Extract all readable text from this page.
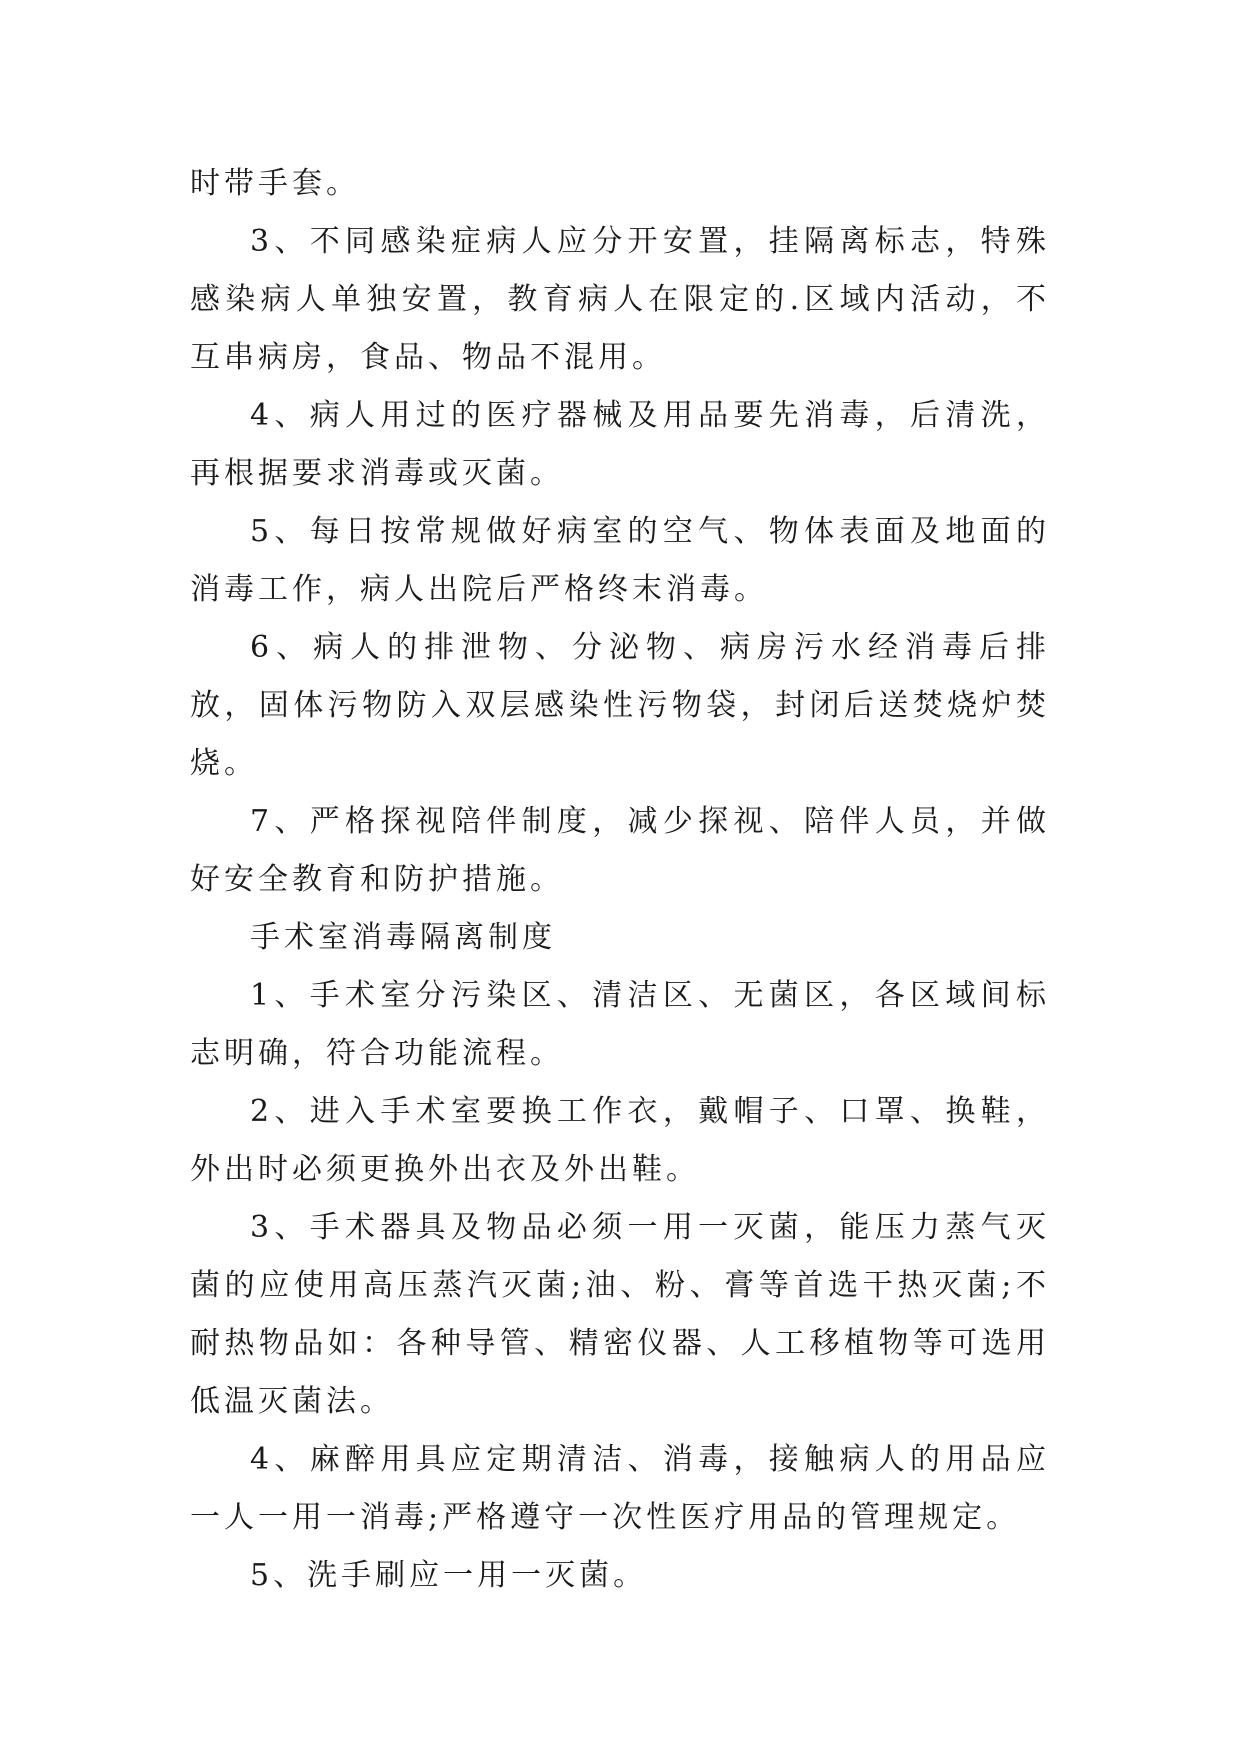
时带手套。

3、不同感染症病人应分开安置，挂隔离标志，特殊感染病人单独安置，教育病人在限定的.区域内活动，不互串病房，食品、物品不混用。

4、病人用过的医疗器械及用品要先消毒，后清洗，再根据要求消毒或灭菌。

5、每日按常规做好病室的空气、物体表面及地面的消毒工作，病人出院后严格终末消毒。

6、病人的排泄物、分泌物、病房污水经消毒后排放，固体污物防入双层感染性污物袋，封闭后送焚烧炉焚烧。

7、严格探视陪伴制度，减少探视、陪伴人员，并做好安全教育和防护措施。

手术室消毒隔离制度

1、手术室分污染区、清洁区、无菌区，各区域间标志明确，符合功能流程。

2、进入手术室要换工作衣，戴帽子、口罩、换鞋，外出时必须更换外出衣及外出鞋。

3、手术器具及物品必须一用一灭菌，能压力蒸气灭菌的应使用高压蒸汽灭菌;油、粉、膏等首选干热灭菌;不耐热物品如：各种导管、精密仪器、人工移植物等可选用低温灭菌法。

4、麻醉用具应定期清洁、消毒，接触病人的用品应一人一用一消毒;严格遵守一次性医疗用品的管理规定。

5、洗手刷应一用一灭菌。
